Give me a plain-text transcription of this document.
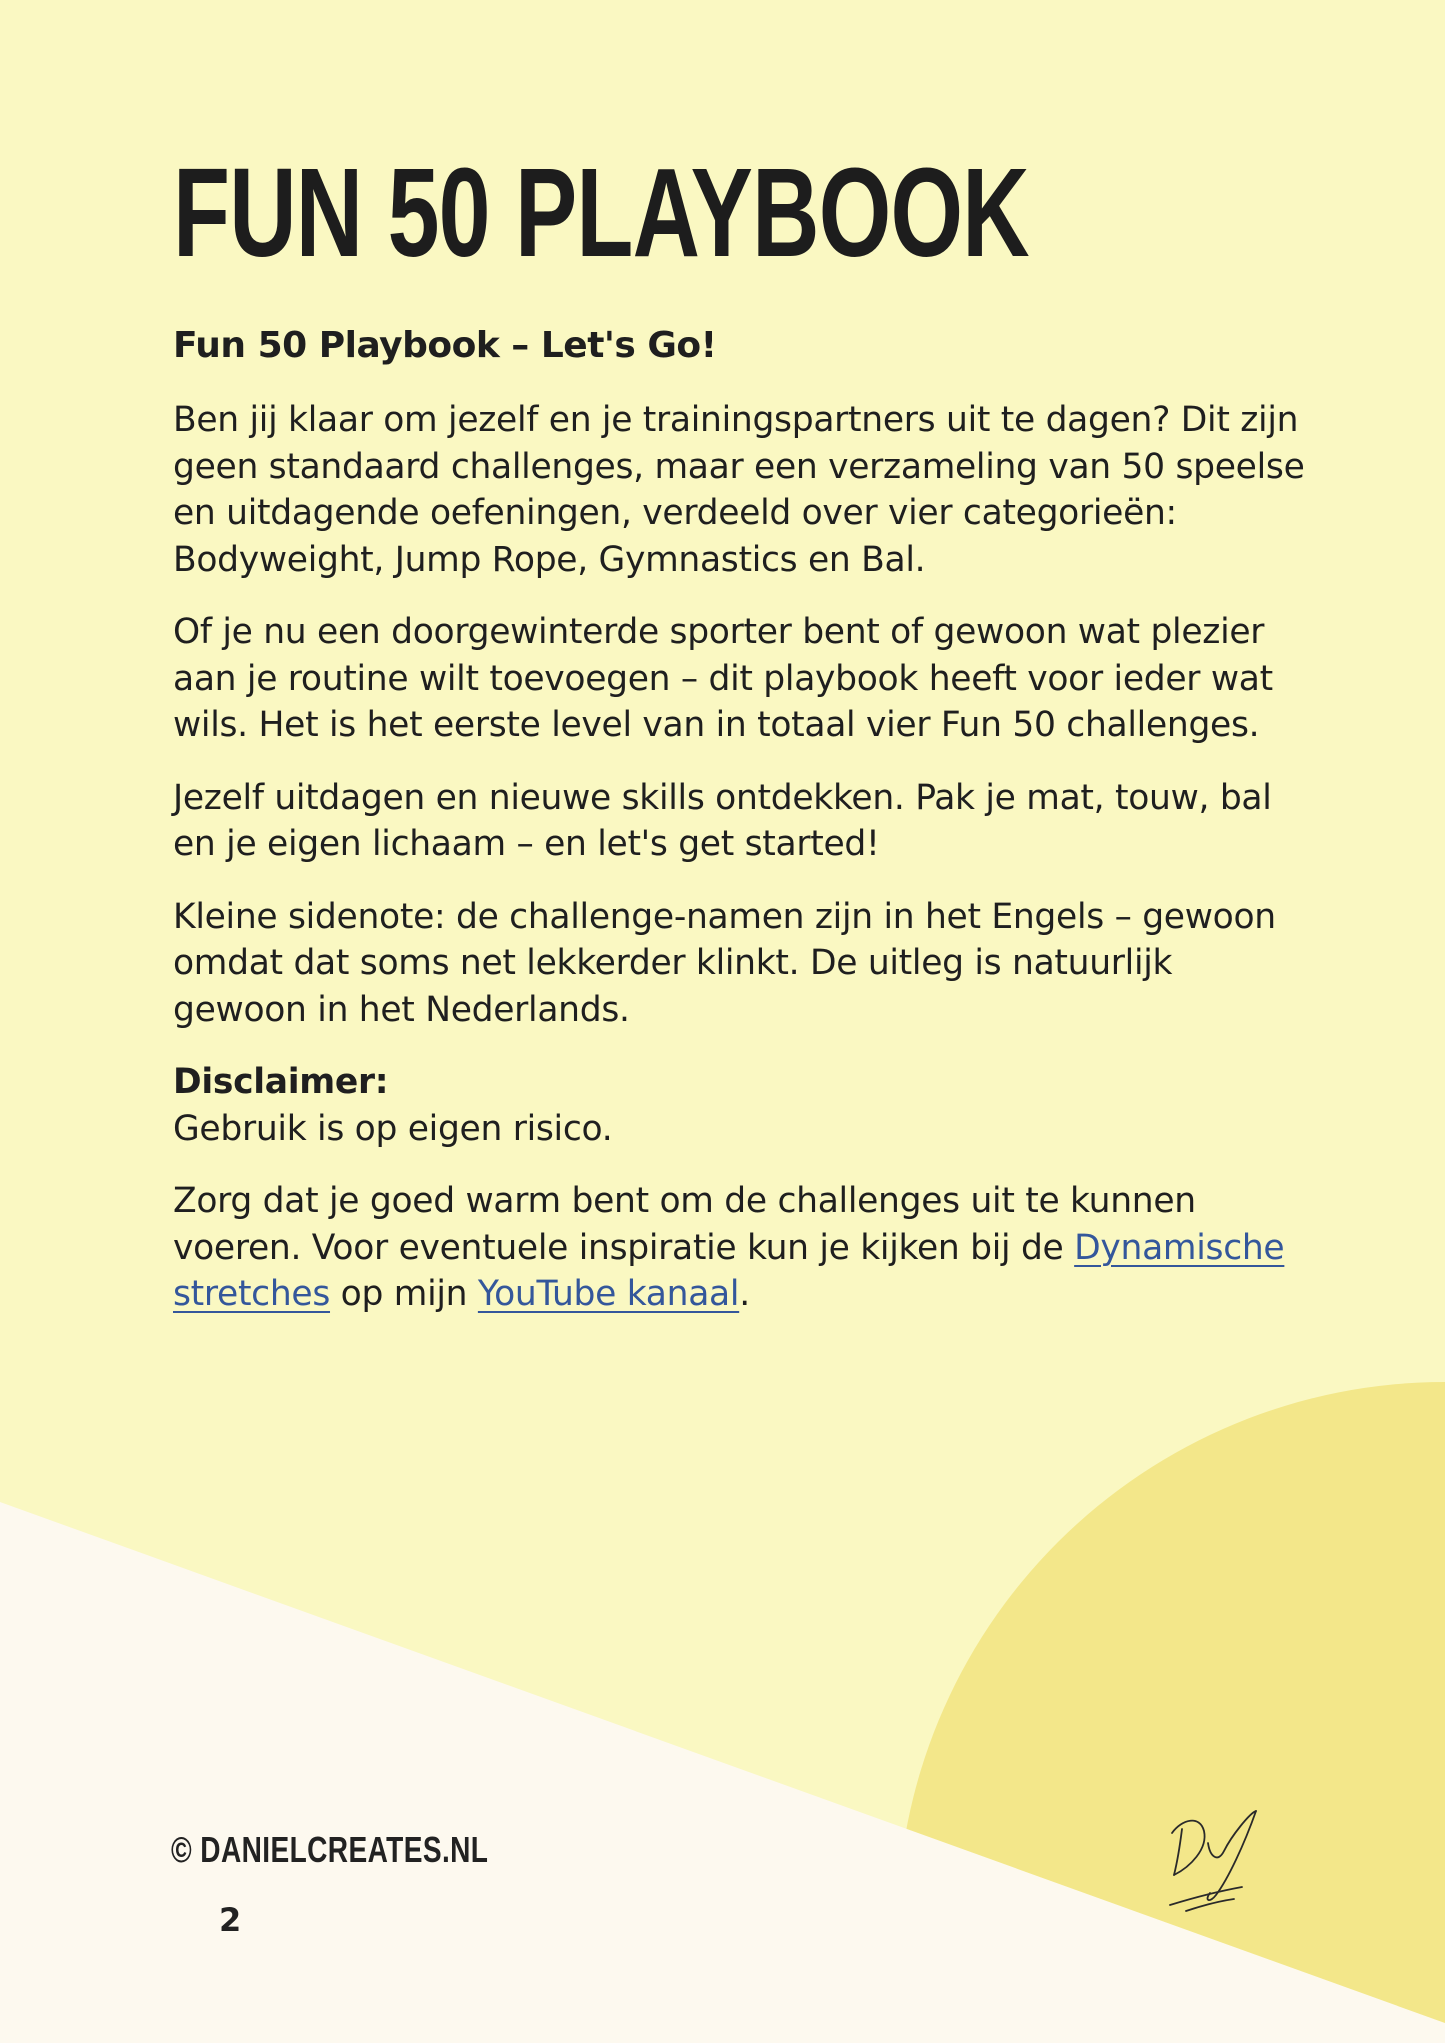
FUN 50 PLAYBOOK
Fun 50 Playbook – Let's Go!

Ben jij klaar om jezelf en je trainingspartners uit te dagen? Dit zijn geen standaard challenges, maar een verzameling van 50 speelse en uitdagende oefeningen, verdeeld over vier categorieën: Bodyweight, Jump Rope, Gymnastics en Bal.

Of je nu een doorgewinterde sporter bent of gewoon wat plezier aan je routine wilt toevoegen – dit playbook heeft voor ieder wat wils. Het is het eerste level van in totaal vier Fun 50 challenges.

Jezelf uitdagen en nieuwe skills ontdekken. Pak je mat, touw, bal en je eigen lichaam – en let's get started!

Kleine sidenote: de challenge-namen zijn in het Engels – gewoon omdat dat soms net lekkerder klinkt. De uitleg is natuurlijk gewoon in het Nederlands.

Disclaimer:
Gebruik is op eigen risico.

Zorg dat je goed warm bent om de challenges uit te kunnen voeren. Voor eventuele inspiratie kun je kijken bij de Dynamische stretches op mijn YouTube kanaal.

© DANIELCREATES.NL
2
